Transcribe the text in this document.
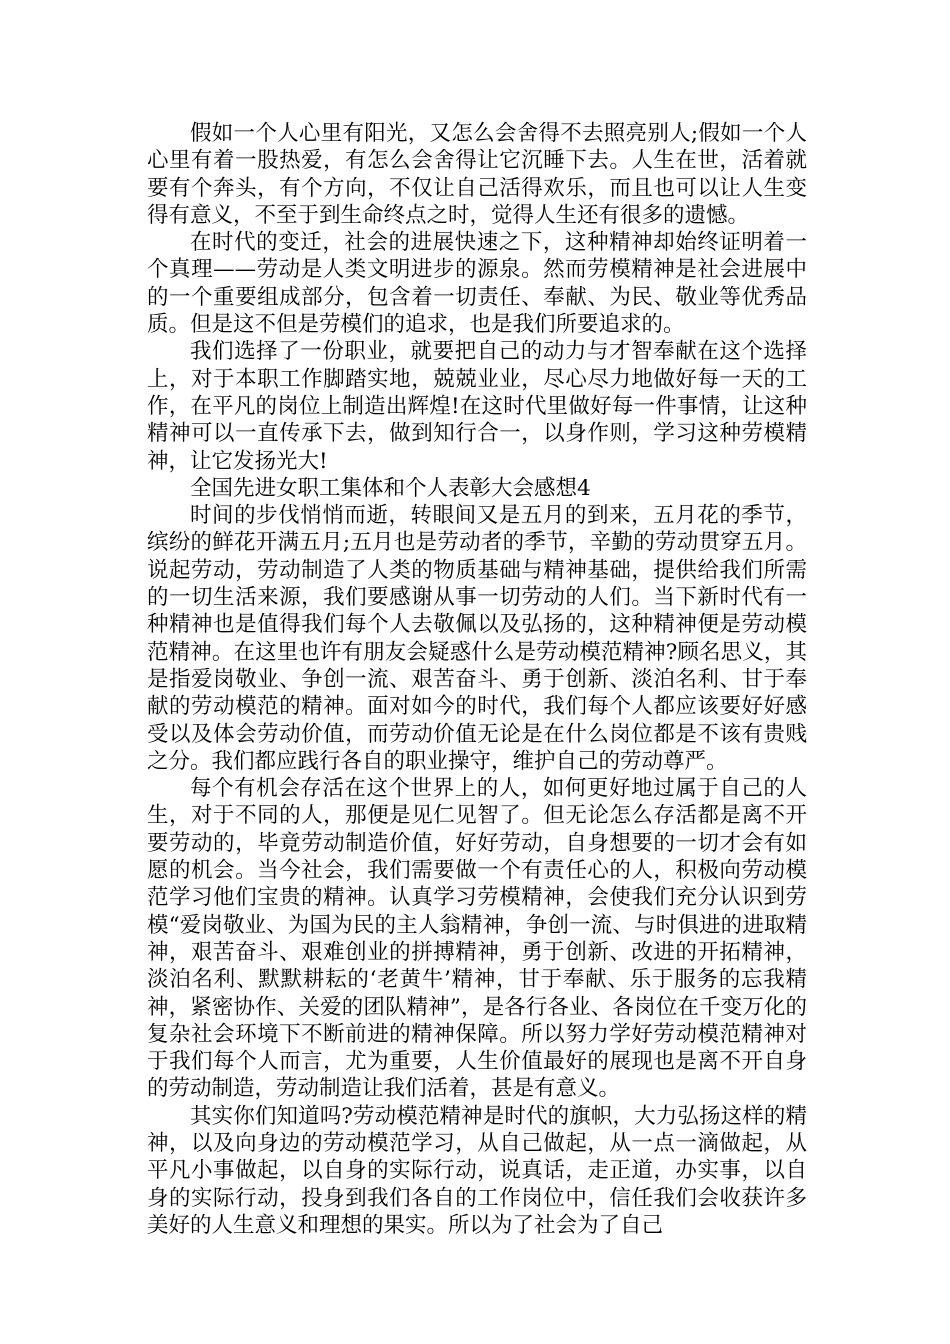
假如一个人心里有阳光，又怎么会舍得不去照亮别人;假如一个人心里有着一股热爱，有怎么会舍得让它沉睡下去。人生在世，活着就要有个奔头，有个方向，不仅让自己活得欢乐，而且也可以让人生变得有意义，不至于到生命终点之时，觉得人生还有很多的遗憾。

在时代的变迁，社会的进展快速之下，这种精神却始终证明着一个真理——劳动是人类文明进步的源泉。然而劳模精神是社会进展中的一个重要组成部分，包含着一切责任、奉献、为民、敬业等优秀品质。但是这不但是劳模们的追求，也是我们所要追求的。

我们选择了一份职业，就要把自己的动力与才智奉献在这个选择上，对于本职工作脚踏实地，兢兢业业，尽心尽力地做好每一天的工作，在平凡的岗位上制造出辉煌!在这时代里做好每一件事情，让这种精神可以一直传承下去，做到知行合一，以身作则，学习这种劳模精神，让它发扬光大!

全国先进女职工集体和个人表彰大会感想4

时间的步伐悄悄而逝，转眼间又是五月的到来，五月花的季节，缤纷的鲜花开满五月;五月也是劳动者的季节，辛勤的劳动贯穿五月。说起劳动，劳动制造了人类的物质基础与精神基础，提供给我们所需的一切生活来源，我们要感谢从事一切劳动的人们。当下新时代有一种精神也是值得我们每个人去敬佩以及弘扬的，这种精神便是劳动模范精神。在这里也许有朋友会疑惑什么是劳动模范精神?顾名思义，其是指爱岗敬业、争创一流、艰苦奋斗、勇于创新、淡泊名利、甘于奉献的劳动模范的精神。面对如今的时代，我们每个人都应该要好好感受以及体会劳动价值，而劳动价值无论是在什么岗位都是不该有贵贱之分。我们都应践行各自的职业操守，维护自己的劳动尊严。

每个有机会存活在这个世界上的人，如何更好地过属于自己的人生，对于不同的人，那便是见仁见智了。但无论怎么存活都是离不开要劳动的，毕竟劳动制造价值，好好劳动，自身想要的一切才会有如愿的机会。当今社会，我们需要做一个有责任心的人，积极向劳动模范学习他们宝贵的精神。认真学习劳模精神，会使我们充分认识到劳模“爱岗敬业、为国为民的主人翁精神，争创一流、与时俱进的进取精神，艰苦奋斗、艰难创业的拼搏精神，勇于创新、改进的开拓精神，淡泊名利、默默耕耘的‘老黄牛’精神，甘于奉献、乐于服务的忘我精神，紧密协作、关爱的团队精神”，是各行各业、各岗位在千变万化的复杂社会环境下不断前进的精神保障。所以努力学好劳动模范精神对于我们每个人而言，尤为重要，人生价值最好的展现也是离不开自身的劳动制造，劳动制造让我们活着，甚是有意义。

其实你们知道吗?劳动模范精神是时代的旗帜，大力弘扬这样的精神，以及向身边的劳动模范学习，从自己做起，从一点一滴做起，从平凡小事做起，以自身的实际行动，说真话，走正道，办实事，以自身的实际行动，投身到我们各自的工作岗位中，信任我们会收获许多美好的人生意义和理想的果实。所以为了社会为了自己
